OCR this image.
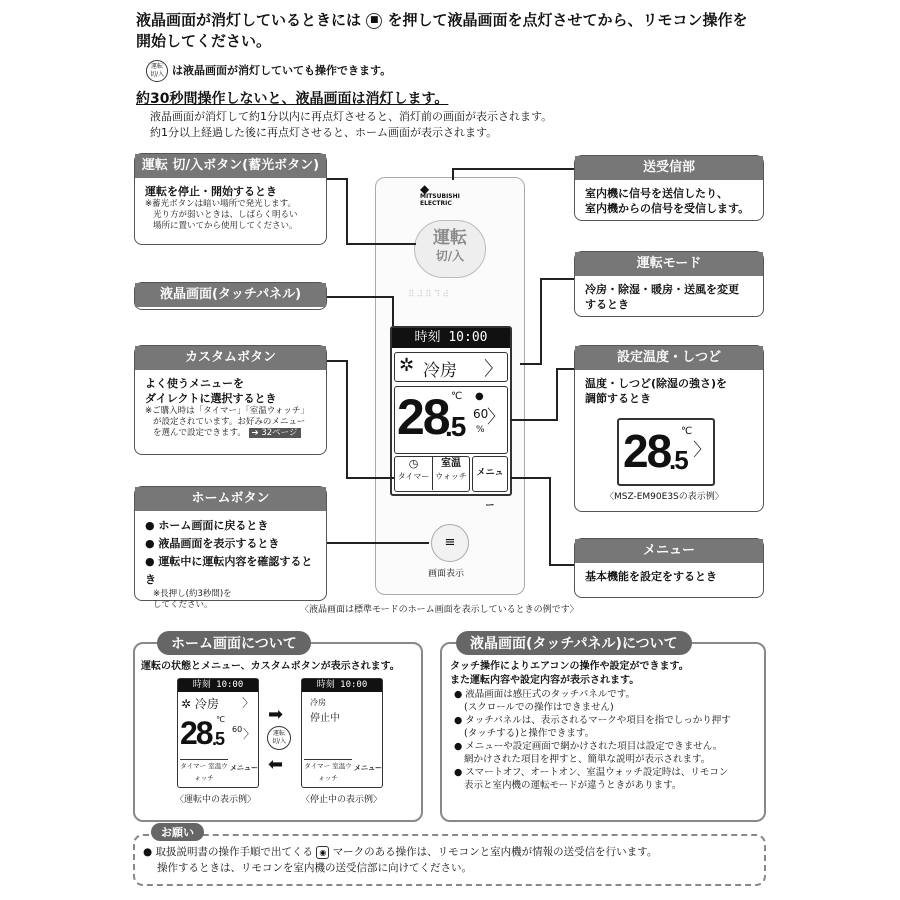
液晶画面が消灯しているときには ■ を押して液晶画面を点灯させてから、リモコン操作を
開始してください。
運転切/入 は液晶画面が消灯していても操作できます。
約30秒間操作しないと、液晶画面は消灯します。
液晶画面が消灯して約1分以内に再点灯させると、消灯前の画面が表示されます。
約1分以上経過した後に再点灯させると、ホーム画面が表示されます。
◆
MITSUBISHI
ELECTRIC
運転
切/入
⠿⠼⠿⠹⠾
時刻 10:00
✲ 冷房 〉
28
.5
℃ ●
60
%
〉
◷
タイマー
室温
ウォッチ	メニュー
≡
画面表示
運転 切/入ボタン(蓄光ボタン)
運転を停止・開始するとき
※蓄光ボタンは暗い場所で発光します。
光り方が弱いときは、しばらく明るい
場所に置いてから使用してください。
液晶画面(タッチパネル)
カスタムボタン
よく使うメニューを
ダイレクトに選択するとき
※ご購入時は「タイマー」「室温ウォッチ」
が設定されています。お好みのメニュー
を選んで設定できます。 ➔ 32ページ
ホームボタン
● ホーム画面に戻るとき
● 液晶画面を表示するとき
● 運転中に運転内容を確認するとき
※長押し(約3秒間)を
してください。
送受信部
室内機に信号を送信したり、
室内機からの信号を受信します。
運転モード
冷房・除湿・暖房・送風を変更
するとき
設定温度・しつど
温度・しつど(除湿の強さ)を
調節するとき
28
.5
℃
〉
〈MSZ-EM90E3Sの表示例〉
メニュー
基本機能を設定をするとき
〈液晶画面は標準モードのホーム画面を表示しているときの例です〉
ホーム画面について
運転の状態とメニュー、カスタムボタンが表示されます。
時刻 10:00
✲ 冷房 〉
28 .5
℃
60 〉
タイマー 室温ウォッチ
メニュー
〈運転中の表示例〉
➡
運転
切/入
⬅
時刻 10:00
冷房
停止中
タイマー 室温ウォッチ
メニュー
〈停止中の表示例〉
液晶画面(タッチパネル)について
タッチ操作によりエアコンの操作や設定ができます。
また運転内容や設定内容が表示されます。
● 液晶画面は感圧式のタッチパネルです。
(スクロールでの操作はできません)
● タッチパネルは、表示されるマークや項目を指でしっかり押す
(タッチする)と操作できます。
● メニューや設定画面で網かけされた項目は設定できません。
網かけされた項目を押すと、簡単な説明が表示されます。
● スマートオフ、オートオン、室温ウォッチ設定時は、リモコン
表示と室内機の運転モードが違うときがあります。
お願い
● 取扱説明書の操作手順で出てくる ◉ マークのある操作は、リモコンと室内機が情報の送受信を行います。
操作するときは、リモコンを室内機の送受信部に向けてください。
